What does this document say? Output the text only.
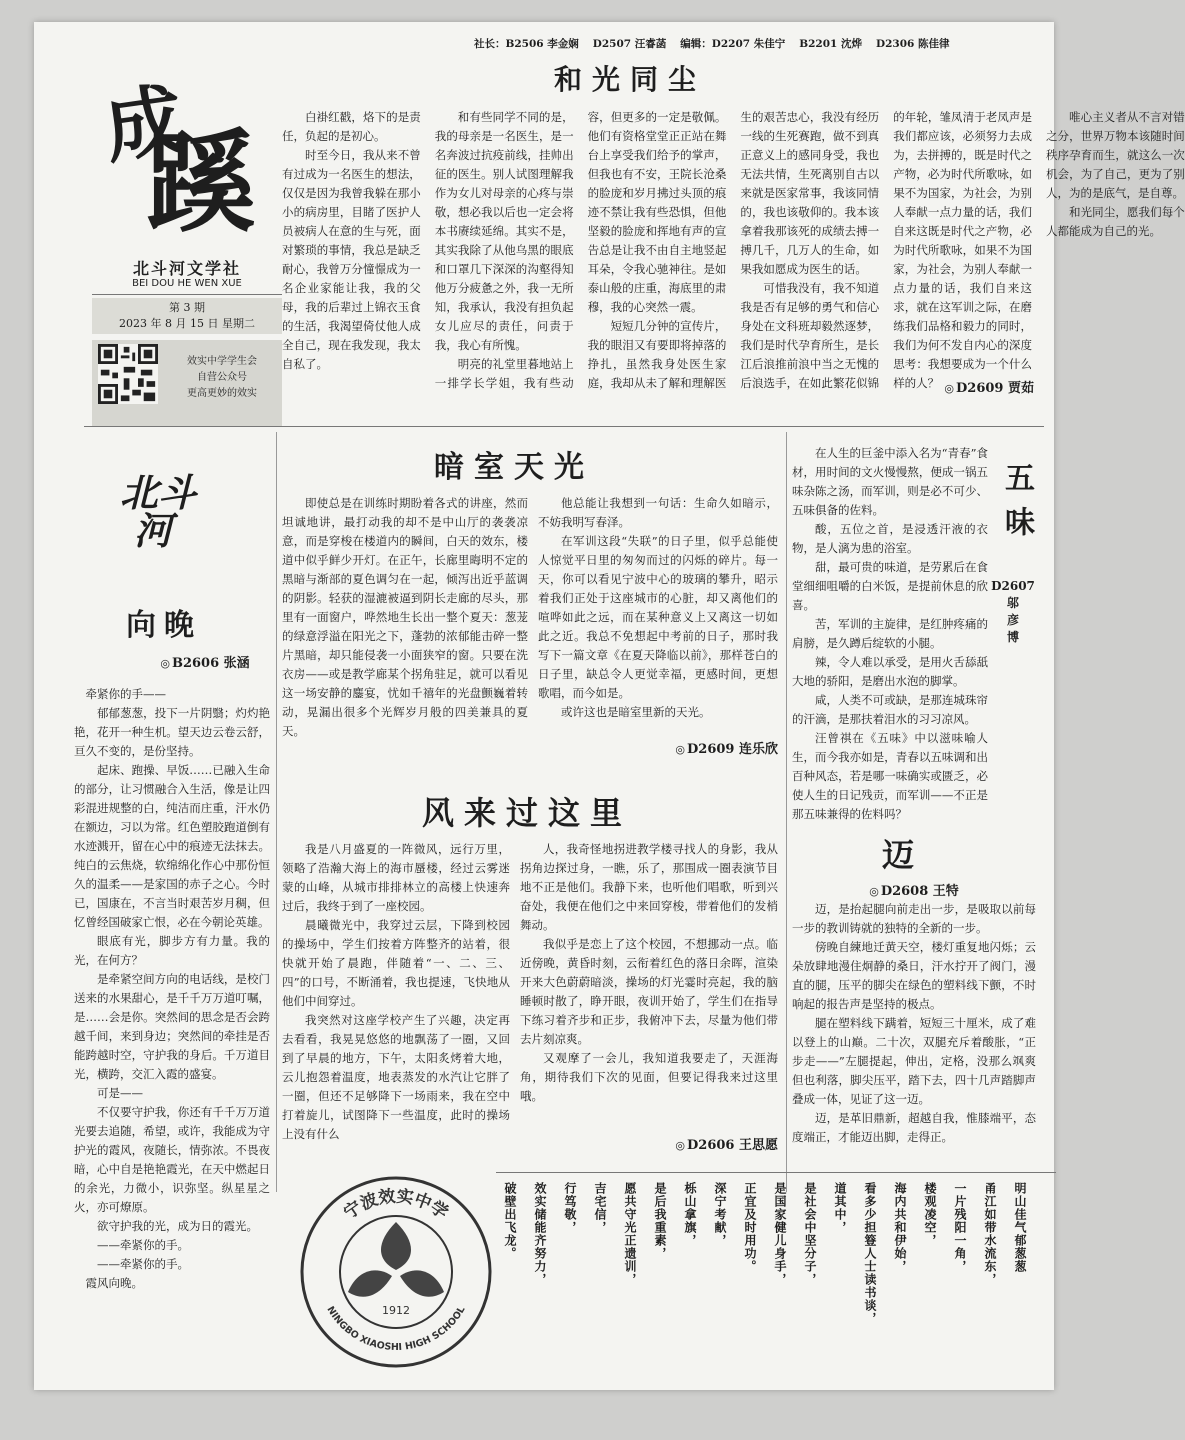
社长：B2506 李金娴 D2507 汪睿菡 编辑：D2207 朱佳宁 B2201 沈烨 D2306 陈佳律
成
蹊
北斗河文学社
BEI DOU HE WEN XUE
第 3 期
2023 年 8 月 15 日 星期二
效实中学学生会
自营公众号
更高更妙的效实
和光同尘

白褂红戳，烙下的是责任，负起的是初心。

时至今日，我从来不曾有过成为一名医生的想法，仅仅是因为我曾我躲在那小小的病房里，目睹了医护人员被病人在意的生与死，面对繁琐的事情，我总是缺乏耐心，我曾万分憧憬成为一名企业家能让我，我的父母，我的后辈过上锦衣玉食的生活，我渴望倚仗他人成全自己，现在我发现，我太自私了。

和有些同学不同的是，我的母亲是一名医生，是一名奔波过抗疫前线，挂帅出征的医生。别人试图理解我作为女儿对母亲的心疼与崇敬，想必我以后也一定会将本书赓续延绵。其实不是，其实我除了从他乌黑的眼底和口罩几下深深的沟壑得知他万分疲惫之外，我一无所知，我承认，我没有担负起女儿应尽的责任，问责于我，我心有所愧。

明亮的礼堂里暮地站上一排学长学姐，我有些动容，但更多的一定是敬佩。他们有资格堂堂正正站在舞台上享受我们给予的掌声，但我也有不安，王院长沧桑的脸庞和岁月拂过头顶的痕迹不禁让我有些恐惧，但他坚毅的脸庞和挥地有声的宣告总是让我不由自主地竖起耳朵，令我心驰神往。是如泰山般的庄重，海底里的肃穆，我的心突然一震。

短短几分钟的宣传片，我的眼泪又有要即将掉落的挣扎，虽然我身处医生家庭，我却从未了解和理解医生的艰苦忠心，我没有经历一线的生死赛跑，做不到真正意义上的感同身受，我也无法共情，生死离别自古以来就是医家常事，我该同情的，我也该敬仰的。我本该拿着我那该死的成绩去搏一搏几千，几万人的生命，如果我如愿成为医生的话。

可惜我没有，我不知道我是否有足够的勇气和信心身处在文科班却毅然逐梦，我们是时代孕育所生，是长江后浪推前浪中当之无愧的后浪选手，在如此繁花似锦的年轮，雏凤清于老凤声是我们都应该，必须努力去成为，去拼搏的，既是时代之产物，必为时代所歌咏，如果不为国家，为社会，为别人奉献一点力量的话，我们自来这既是时代之产物，必为时代所歌咏，如果不为国家，为社会，为别人奉献一点力量的话，我们自来这求，就在这军训之际，在磨练我们品格和毅力的同时，我们为何不发自内心的深度思考：我想要成为一个什么样的人？

唯心主义者从不言对错之分，世界万物本该随时间秩序孕育而生，就这么一次机会，为了自己，更为了别人，为的是底气，是自尊。

和光同尘，愿我们每个人都能成为自己的光。

◎ D2609 贾茹
北斗
河
向晚
◎ B2606 张涵

牵紧你的手——

郁郁葱葱，投下一片阴翳；灼灼艳艳，花开一种生机。望天边云卷云舒，亘久不变的，是份坚持。

起床、跑操、早饭……已融入生命的部分，让习惯融合入生活，像是让四彩混进规整的白，纯洁而庄重，汗水仍在额边，习以为常。红色塑胶跑道倒有水迹溅开，留在心中的痕迹无法抹去。纯白的云焦烧，软绵绵化作心中那份恒久的温柔——是家国的赤子之心。今时已，国康在，不言当时艰苦岁月稠，但忆曾经国破家亡恨，必在今朝论英雄。

眼底有光，脚步方有力量。我的光，在何方？

是牵紧空间方向的电话线，是校门送来的水果甜心，是千千万万道叮嘱，是……会是你。突然间的思念是否会跨越千间，来到身边；突然间的牵挂是否能跨越时空，守护我的身后。千万道目光，横跨，交汇入霞的盛宴。

可是——

不仅要守护我，你还有千千万万道光要去追随，希望，或许，我能成为守护光的霞风，夜随长，情弥浓。不畏夜暗，心中自是艳艳霞光，在天中燃起日的余光，力微小，识弥坚。纵星星之火，亦可燎原。

欲守护我的光，成为日的霞光。

——牵紧你的手。

——牵紧你的手。

霞风向晚。

暗室天光

即使总是在训练时期盼着各式的讲座，然而坦诚地讲，最打动我的却不是中山厅的袭袭凉意，而是穿梭在楼道内的瞬间，白天的效东，楼道中似乎鲜少开灯。在正午，长廊里晦明不定的黑暗与渐部的夏色调匀在一起，倾泻出近乎蓝调的阴影。轻获的湿漉被逼到阴长走廊的尽头，那里有一面窗户，哗然地生长出一整个夏天：葱茏的绿意浮溢在阳光之下，蓬勃的浓郁能击碎一整片黑暗，却只能侵袭一小面狭窄的窗。只要在洗衣房——或是教学廊某个拐角驻足，就可以看见这一场安静的鏖宴，忧如千禧年的光盘颤巍着转动，晃漏出很多个光辉岁月般的四美兼具的夏天。

他总能让我想到一句话：生命久如暗示，不妨我明写春泽。

在军训这段“失联”的日子里，似乎总能使人惊觉平日里的匆匆而过的闪烁的碎片。每一天，你可以看见宁波中心的玻璃的攀升，昭示着我们正处于这座城市的心脏，却又离他们的喧哗如此之远，而在某种意义上又离这一切如此之近。我总不免想起中考前的日子，那时我写下一篇文章《在夏天降临以前》，那样苍白的日子里，缺总令人更觉幸福，更感时间，更想歌唱，而今如是。

或许这也是暗室里新的天光。

◎ D2609 连乐欣

在人生的巨釜中添入名为“青春”食材，用时间的文火慢慢熬，便成一锅五味杂陈之汤，而军训，则是必不可少、五味俱备的佐料。

酸，五位之首，是浸透汗液的衣物，是人漓为患的浴室。

甜，最可贵的味道，是劳累后在食堂细细咀嚼的白米饭，是提前休息的欣喜。

苦，军训的主旋律，是红肿疼痛的肩膀，是久蹲后绽软的小腿。

辣，令人难以承受，是用火舌舔舐大地的骄阳，是磨出水泡的脚掌。

咸，人类不可或缺，是那连城珠帘的汗滴，是那扶着泪水的习习凉风。

汪曾祺在《五味》中以滋味喻人生，而今我亦如是，青春以五味调和出百种风态，若是哪一味确实或匮乏，必使人生的日记残贡，而军训——不正是那五味兼得的佐料吗？

五味
D2607
邬
彦
博
迈
◎ D2608 王特

迈，是抬起腿向前走出一步，是吸取以前每一步的教训铸就的独特的全新的一步。

傍晚自練地迁黄天空，楼灯重复地闪烁；云朵放肆地漫住炯静的桑日，汗水拧开了阀门，漫直的腿，压平的脚尖在绿色的塑料线下颤，不时响起的报告声是坚持的极点。

腿在塑料线下蹒着，短短三十厘米，成了难以登上的山巅。二十次，双腿充斥着酸胀，“正步走——”左腿提起，伸出，定格，没那么飒爽但也利落，脚尖压平，踏下去，四十几声踏脚声叠成一体，见证了这一迈。

迈，是革旧鼎新，超越自我，惟膝端平，态度端正，才能迈出脚，走得正。

风来过这里

我是八月盛夏的一阵微风，远行万里，领略了浩瀚大海上的海市蜃楼，经过云雾迷蒙的山峰，从城市排排林立的高楼上快速奔过后，我终于到了一座校园。

晨曦微光中，我穿过云层，下降到校园的操场中，学生们按着方阵整齐的站着，很快就开始了晨跑，伴随着“一、二、三、四”的口号，不断涌着，我也提速，飞快地从他们中间穿过。

我突然对这座学校产生了兴趣，决定再去看看，我晃晃悠悠的地飘荡了一圈，又回到了早晨的地方，下午，太阳炙烤着大地，云儿抱怨着温度，地表蒸发的水汽让它胖了一圈，但还不足够降下一场雨来，我在空中打着旋儿，试图降下一些温度，此时的操场上没有什么

人，我奇怪地拐进教学楼寻找人的身影，我从拐角边探过身，一瞧，乐了，那围成一圈表演节目地不正是他们。我静下来，也听他们唱歌，听到兴奋处，我便在他们之中来回穿梭，带着他们的发梢舞动。

我似乎是恋上了这个校园，不想挪动一点。临近傍晚，黄昏时刻，云衔着红色的落日余晖，渲染开来大色蔚蔚暗淡，操场的灯光霎时亮起，我的脑睡顿时散了，睁开眼，夜训开始了，学生们在指导下练习着齐步和正步，我俯冲下去，尽量为他们带去片刻凉爽。

又观摩了一会儿，我知道我要走了，天涯海角，期待我们下次的见面，但要记得我来过这里哦。

◎ D2606 王思愿
宁波效实中学
NINGBO XIAOSHI HIGH SCHOOL
1912
破壁出飞龙。	效实储能齐努力，	行笃敬，	吉宅信，	愿共守光正遗训，	是后我重素，	栎山拿旗，	深宁考献，	正宜及时用功。	是国家健儿身手，	是社会中坚分子，	道其中，	看多少担簦人士读书谈，	海内共和伊始，	楼观凌空，	一片残阳一角，	甬江如带水流东，	明山佳气郁葱葱
